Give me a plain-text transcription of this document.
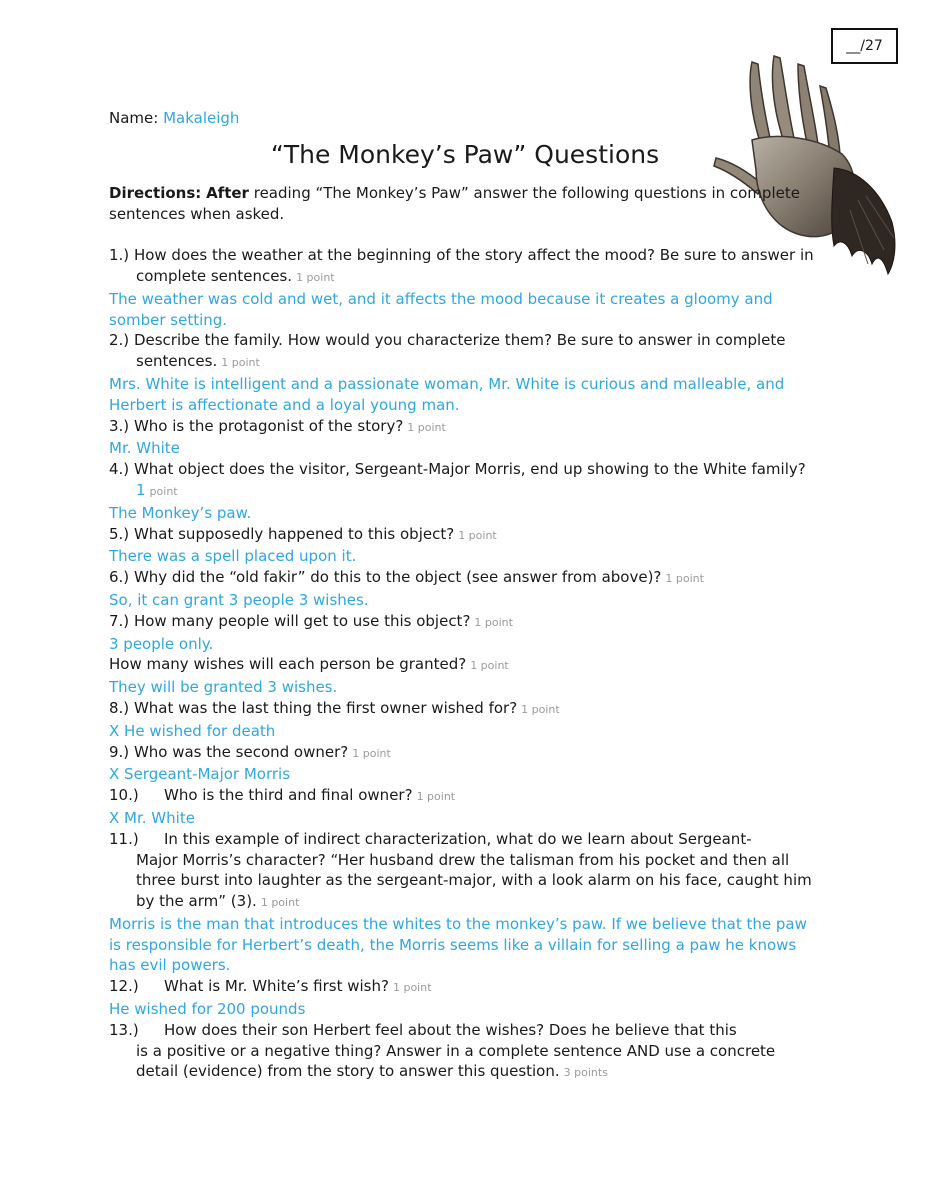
__/27
Name: Makaleigh
“The Monkey’s Paw” Questions
Directions: After reading “The Monkey’s Paw” answer the following questions in complete sentences when asked.
1.) How does the weather at the beginning of the story affect the mood? Be sure to answer in complete sentences. 1 point
The weather was cold and wet, and it affects the mood because it creates a gloomy and somber setting.
2.) Describe the family. How would you characterize them? Be sure to answer in complete sentences. 1 point
Mrs. White is intelligent and a passionate woman, Mr. White is curious and malleable, and Herbert is affectionate and a loyal young man.
3.) Who is the protagonist of the story? 1 point
Mr. White
4.) What object does the visitor, Sergeant-Major Morris, end up showing to the White family? 1 point
The Monkey’s paw.
5.) What supposedly happened to this object? 1 point
There was a spell placed upon it.
6.) Why did the “old fakir” do this to the object (see answer from above)? 1 point
So, it can grant 3 people 3 wishes.
7.) How many people will get to use this object? 1 point
3 people only.
How many wishes will each person be granted? 1 point
They will be granted 3 wishes.
8.) What was the last thing the first owner wished for? 1 point
X He wished for death
9.) Who was the second owner? 1 point
X Sergeant-Major Morris
10.)	Who is the third and final owner? 1 point
X Mr. White
11.)	In this example of indirect characterization, what do we learn about Sergeant-
Major Morris’s character? “Her husband drew the talisman from his pocket and then all three burst into laughter as the sergeant-major, with a look alarm on his face, caught him by the arm” (3). 1 point
Morris is the man that introduces the whites to the monkey’s paw. If we believe that the paw is responsible for Herbert’s death, the Morris seems like a villain for selling a paw he knows has evil powers.
12.)	What is Mr. White’s first wish? 1 point
He wished for 200 pounds
13.)	How does their son Herbert feel about the wishes? Does he believe that this
is a positive or a negative thing? Answer in a complete sentence AND use a concrete detail (evidence) from the story to answer this question. 3 points
